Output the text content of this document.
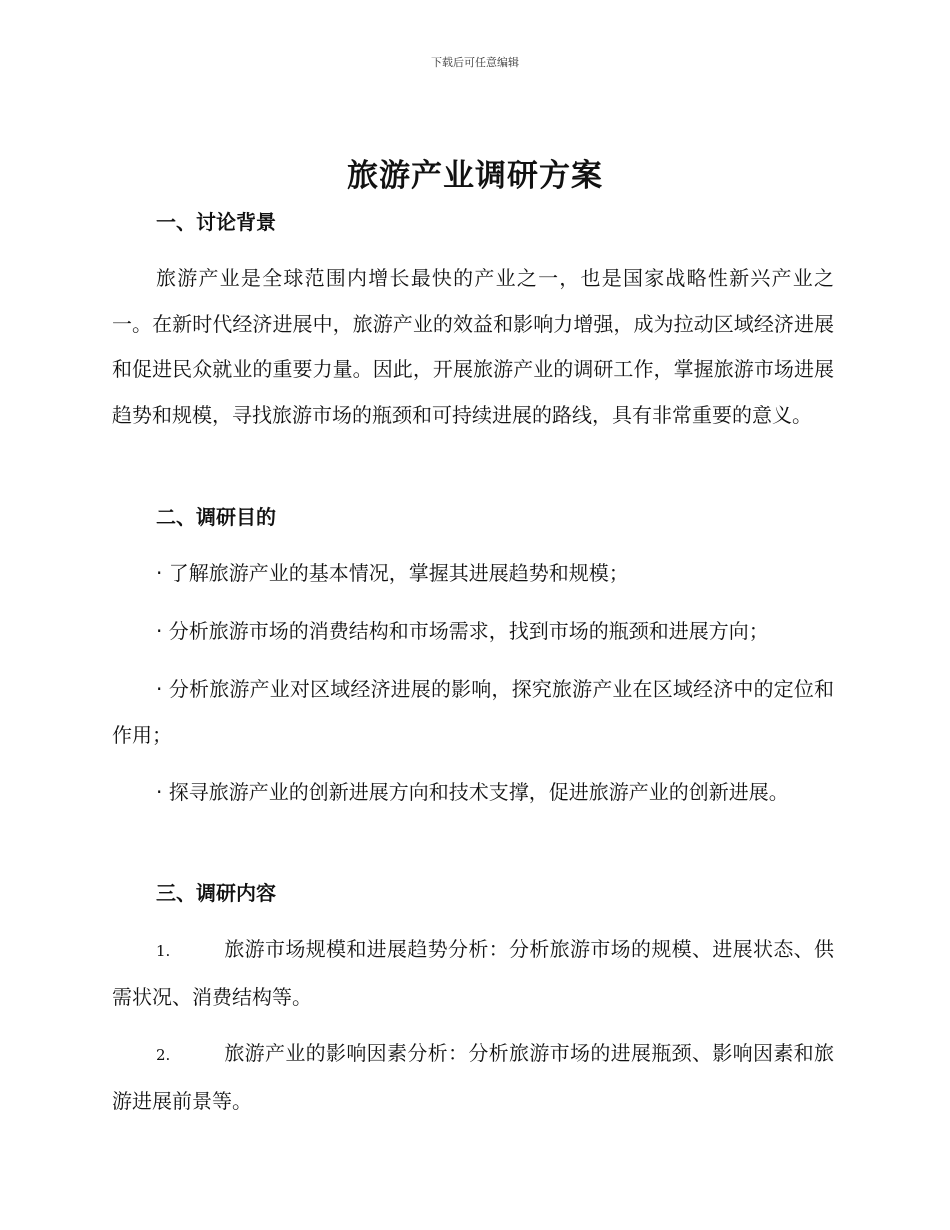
下载后可任意编辑
旅游产业调研方案
一、讨论背景
旅游产业是全球范围内增长最快的产业之一，也是国家战略性新兴产业之一。在新时代经济进展中，旅游产业的效益和影响力增强，成为拉动区域经济进展和促进民众就业的重要力量。因此，开展旅游产业的调研工作，掌握旅游市场进展趋势和规模，寻找旅游市场的瓶颈和可持续进展的路线，具有非常重要的意义。
二、调研目的
· 了解旅游产业的基本情况，掌握其进展趋势和规模；
· 分析旅游市场的消费结构和市场需求，找到市场的瓶颈和进展方向；
· 分析旅游产业对区域经济进展的影响，探究旅游产业在区域经济中的定位和作用；
· 探寻旅游产业的创新进展方向和技术支撑，促进旅游产业的创新进展。
三、调研内容
1.	旅游市场规模和进展趋势分析：分析旅游市场的规模、进展状态、供需状况、消费结构等。
2.	旅游产业的影响因素分析：分析旅游市场的进展瓶颈、影响因素和旅游进展前景等。
